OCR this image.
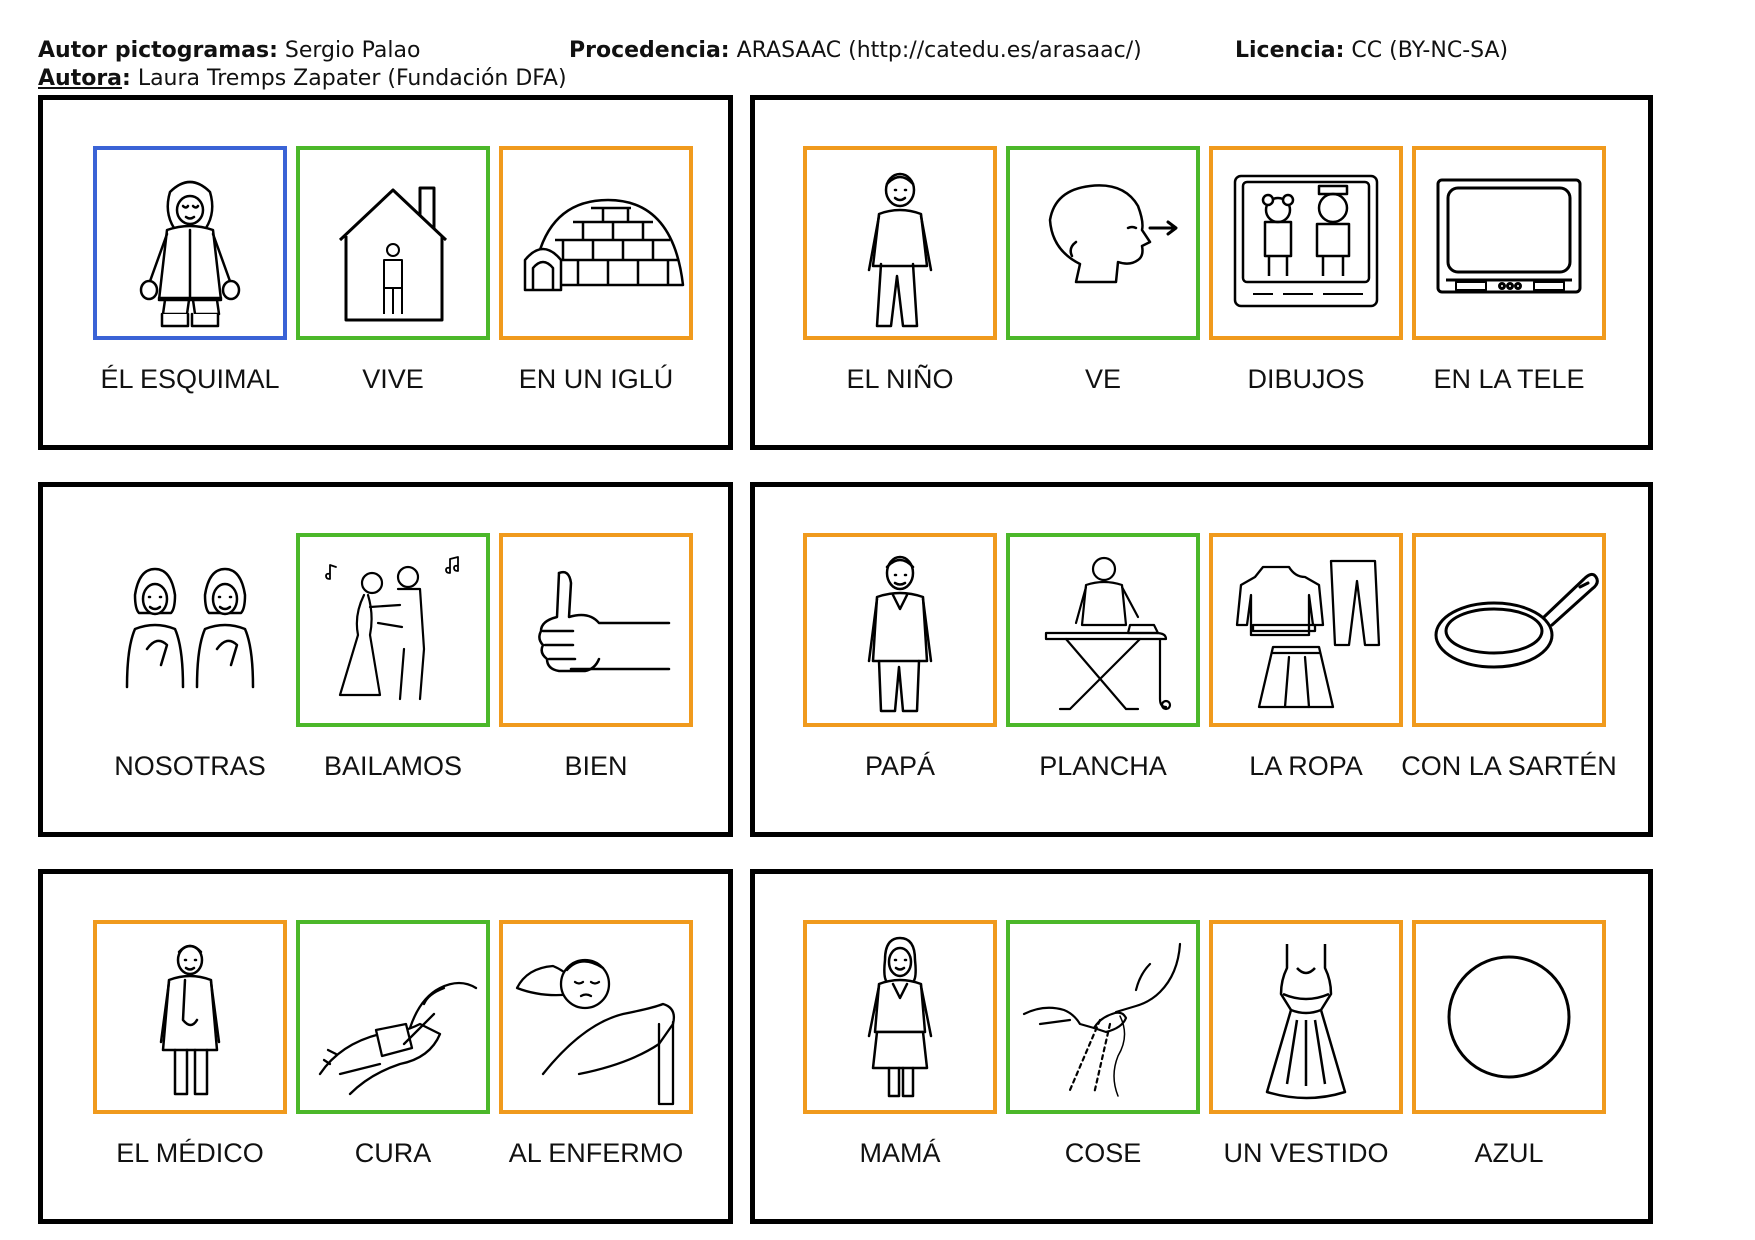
Autor pictogramas: Sergio Palao	Procedencia: ARASAAC (http://catedu.es/arasaac/)	Licencia: CC (BY-NC-SA)
Autora: Laura Tremps Zapater (Fundación DFA)
ÉL ESQUIMAL	VIVE	EN UN IGLÚ	EL NIÑO	VE	DIBUJOS	EN LA TELE
NOSOTRAS	BAILAMOS	BIEN	PAPÁ	PLANCHA	LA ROPA	CON LA SARTÉN
EL MÉDICO	CURA	AL ENFERMO	MAMÁ	COSE	UN VESTIDO	AZUL
